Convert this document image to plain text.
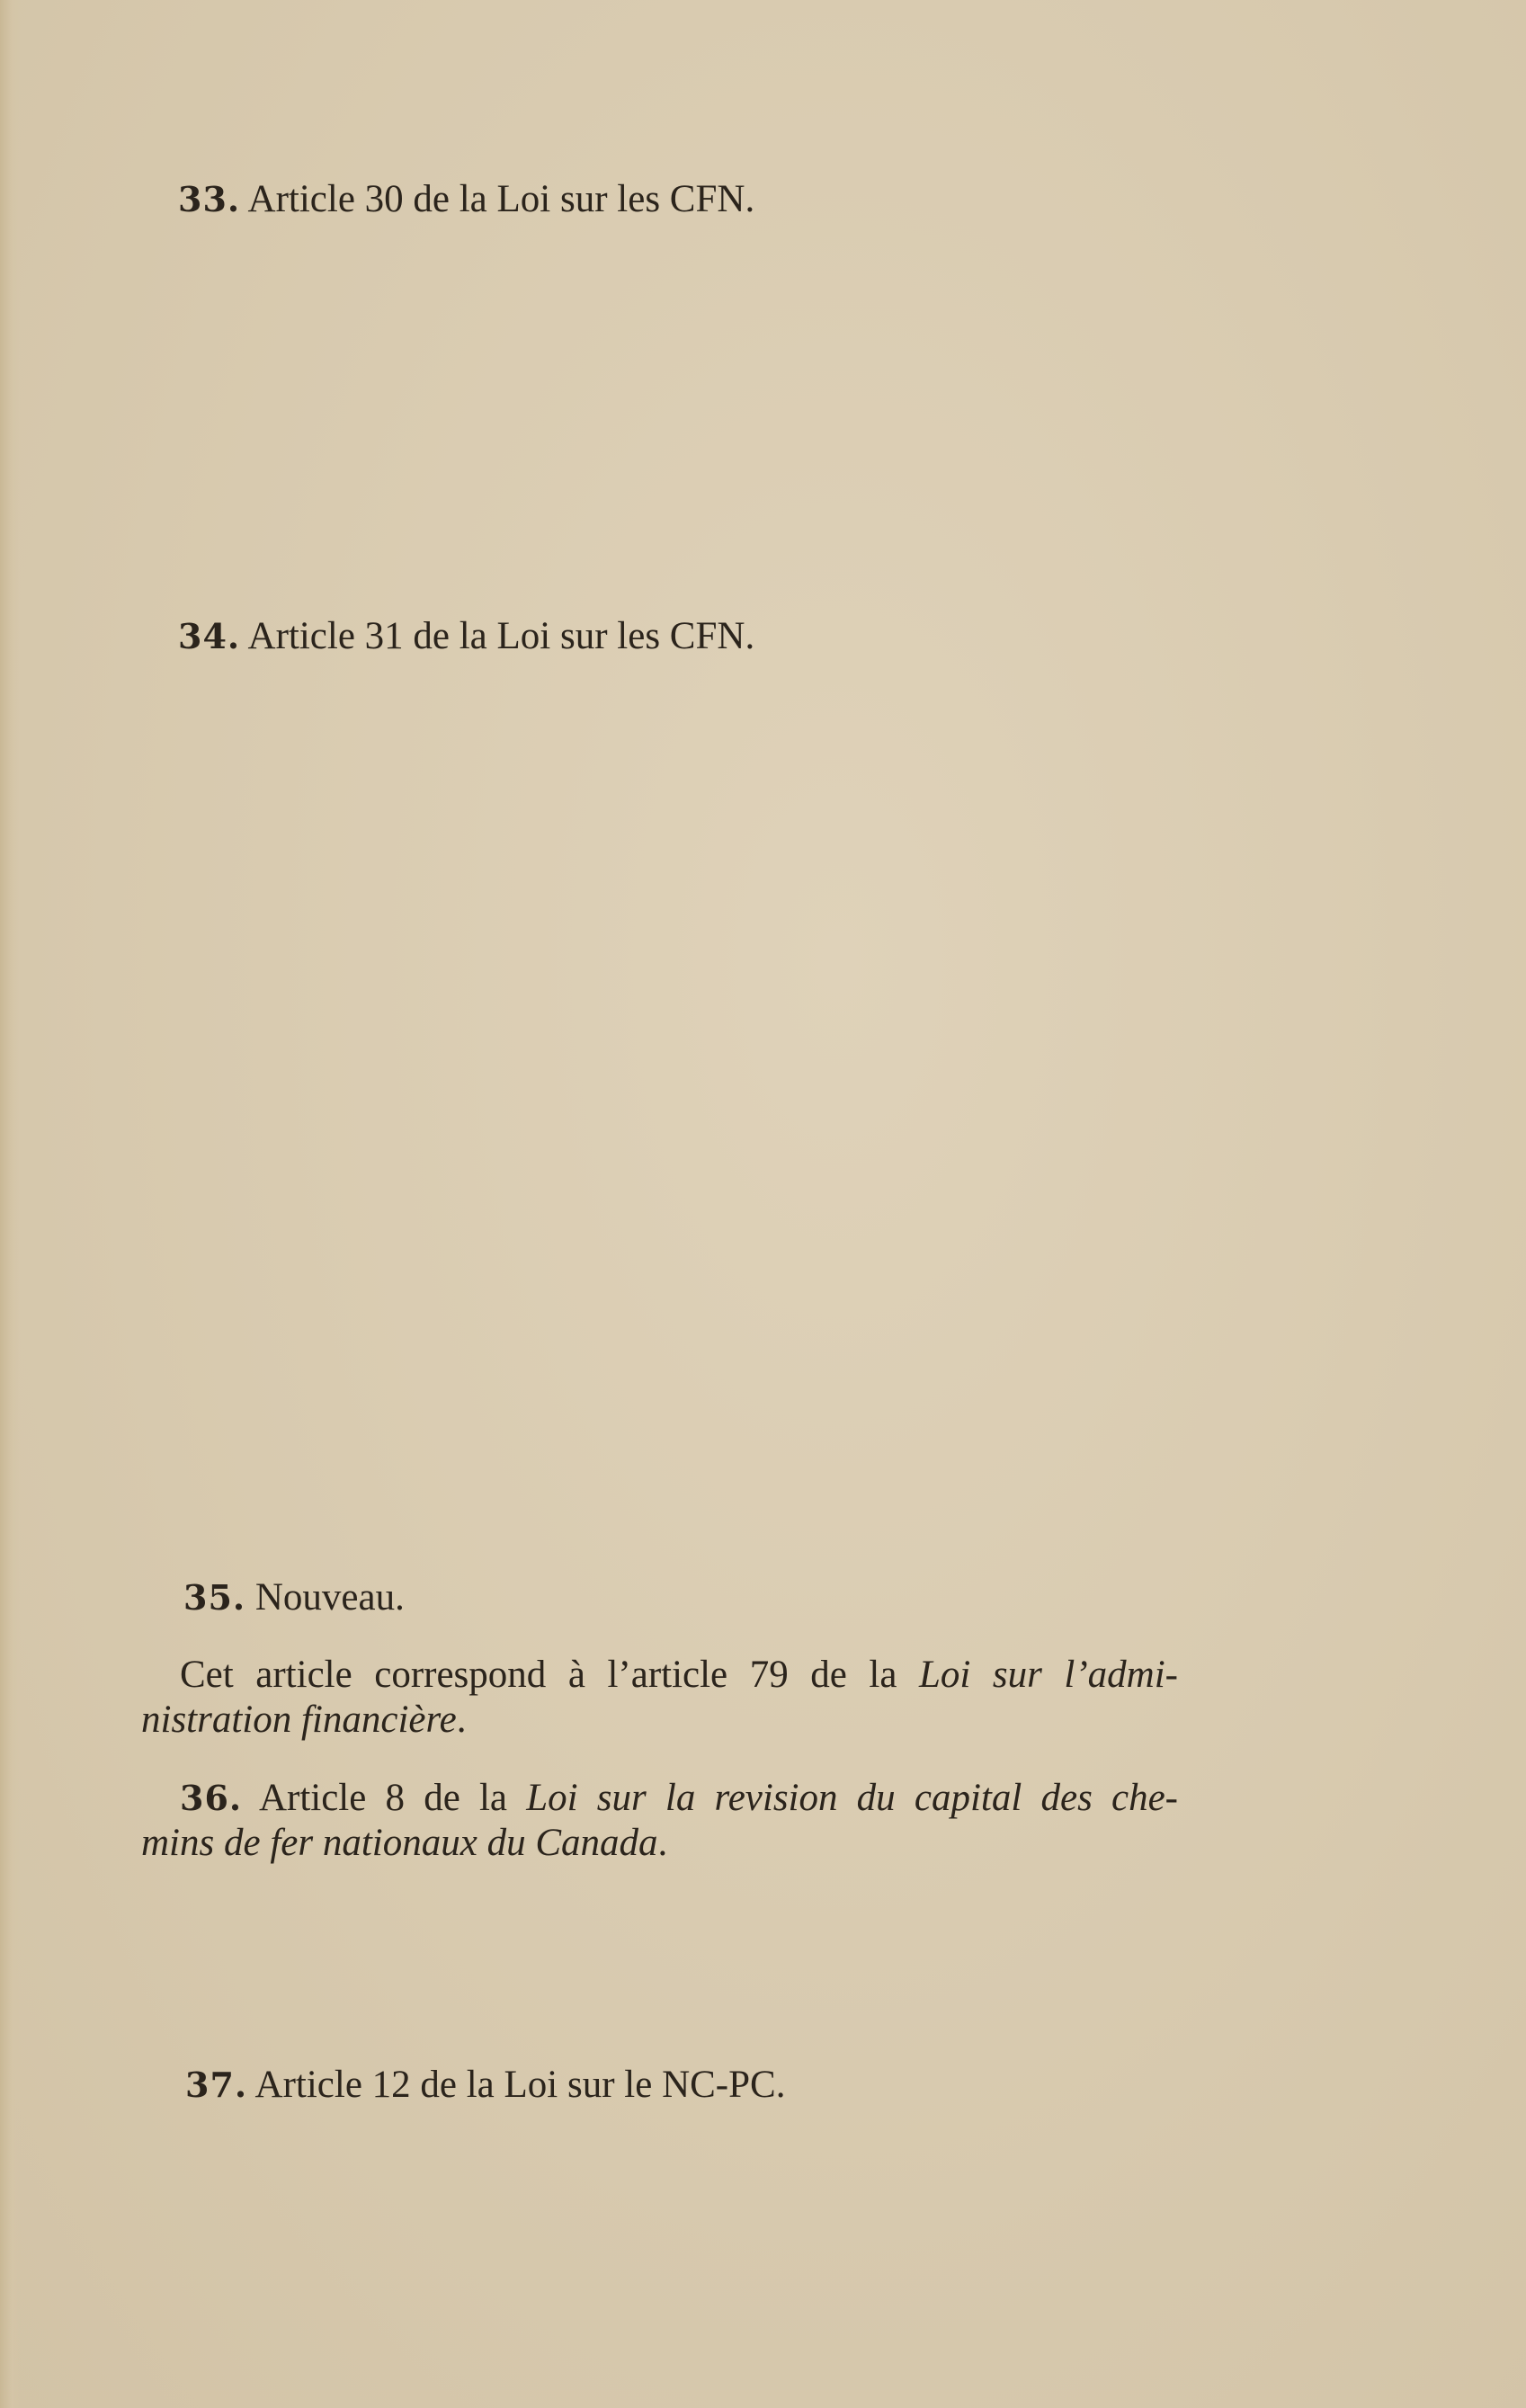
33. Article 30 de la Loi sur les CFN.

34. Article 31 de la Loi sur les CFN.

35. Nouveau.

Cet article correspond à l’article 79 de la Loi sur l’admi-
nistration financière.
36. Article 8 de la Loi sur la revision du capital des che-
mins de fer nationaux du Canada.

37. Article 12 de la Loi sur le NC-PC.
